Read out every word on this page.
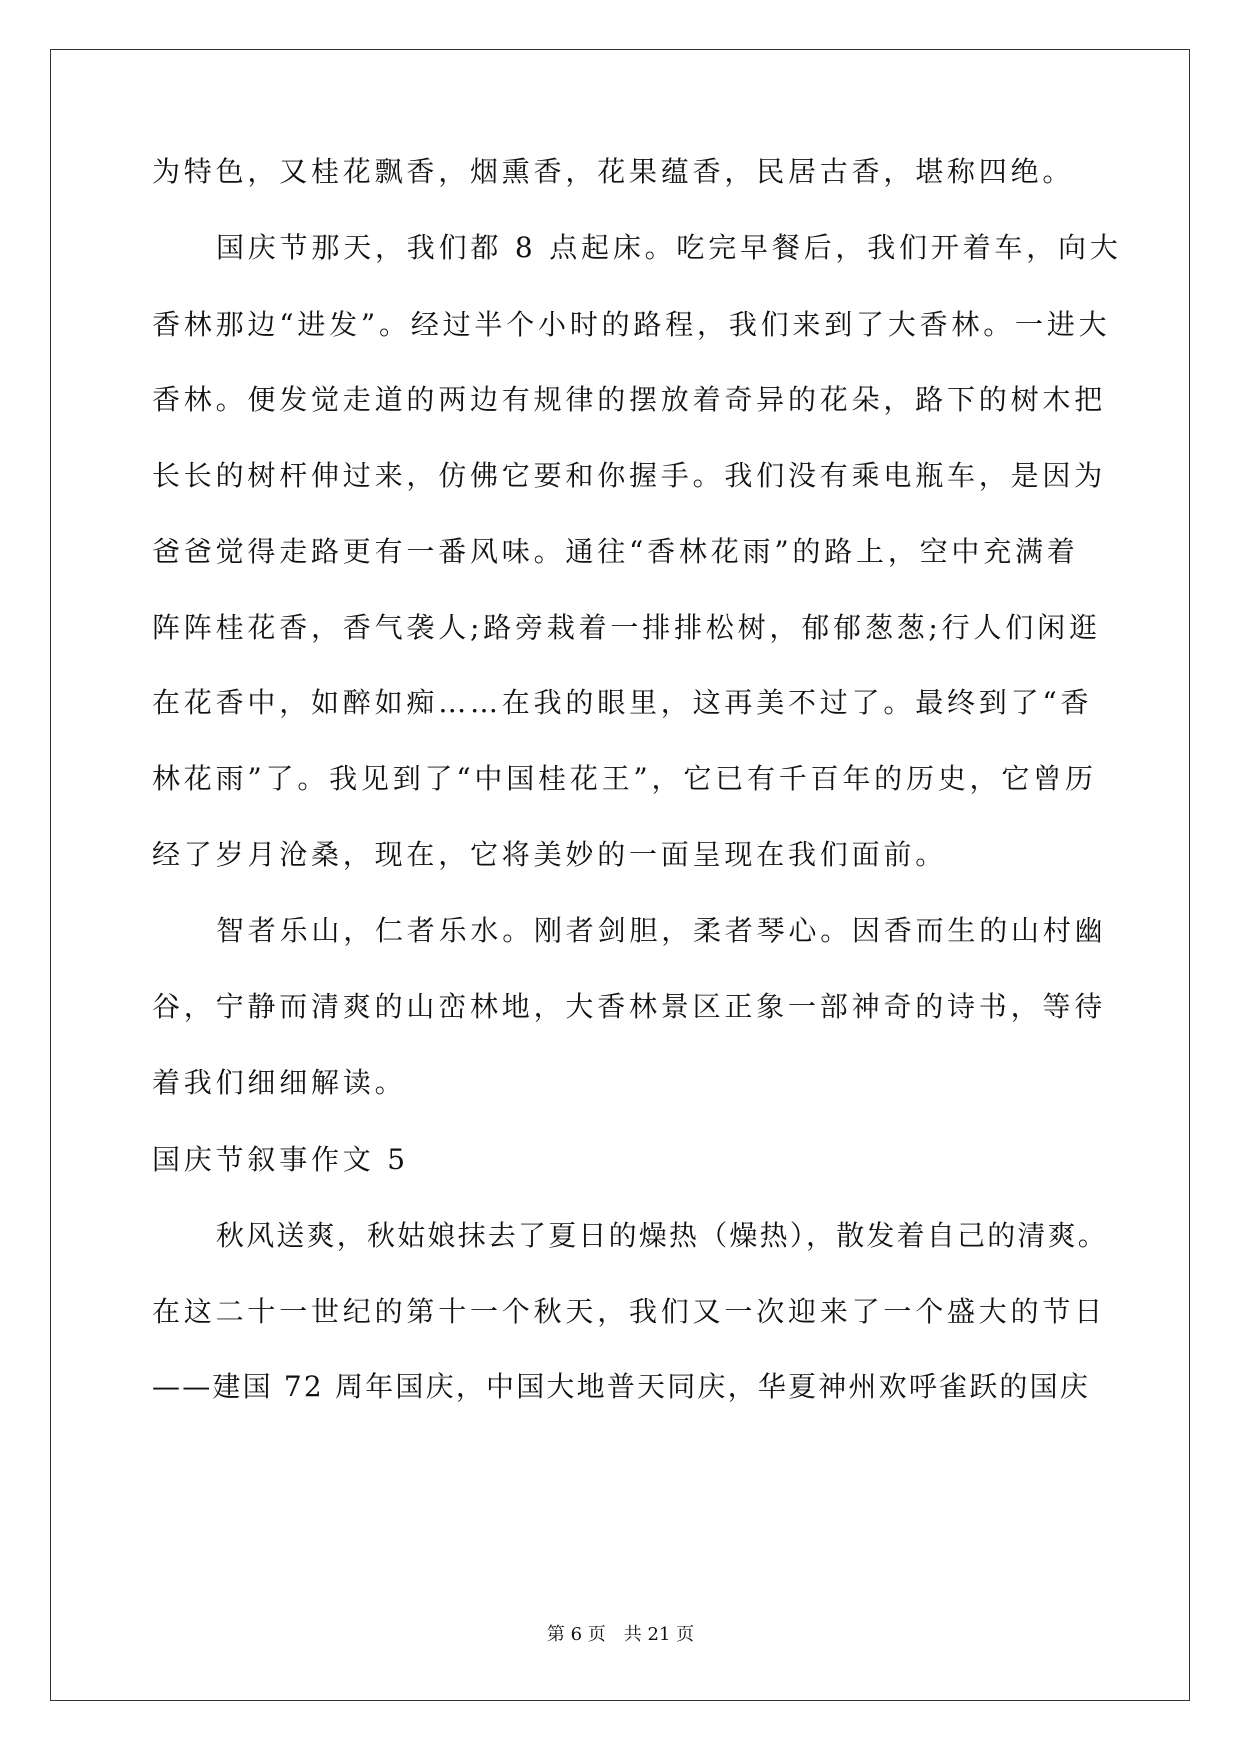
为特色，又桂花飘香，烟熏香，花果蕴香，民居古香，堪称四绝。
国庆节那天，我们都 8 点起床。吃完早餐后，我们开着车，向大
香林那边“进发”。经过半个小时的路程，我们来到了大香林。一进大
香林。便发觉走道的两边有规律的摆放着奇异的花朵，路下的树木把
长长的树杆伸过来，仿佛它要和你握手。我们没有乘电瓶车，是因为
爸爸觉得走路更有一番风味。通往“香林花雨”的路上，空中充满着
阵阵桂花香，香气袭人;路旁栽着一排排松树，郁郁葱葱;行人们闲逛
在花香中，如醉如痴……在我的眼里，这再美不过了。最终到了“香
林花雨”了。我见到了“中国桂花王”，它已有千百年的历史，它曾历
经了岁月沧桑，现在，它将美妙的一面呈现在我们面前。
智者乐山，仁者乐水。刚者剑胆，柔者琴心。因香而生的山村幽
谷，宁静而清爽的山峦林地，大香林景区正象一部神奇的诗书，等待
着我们细细解读。
国庆节叙事作文 5
秋风送爽，秋姑娘抹去了夏日的燥热（燥热），散发着自己的清爽。
在这二十一世纪的第十一个秋天，我们又一次迎来了一个盛大的节日
——建国 72 周年国庆，中国大地普天同庆，华夏神州欢呼雀跃的国庆
第 6 页　共 21 页
